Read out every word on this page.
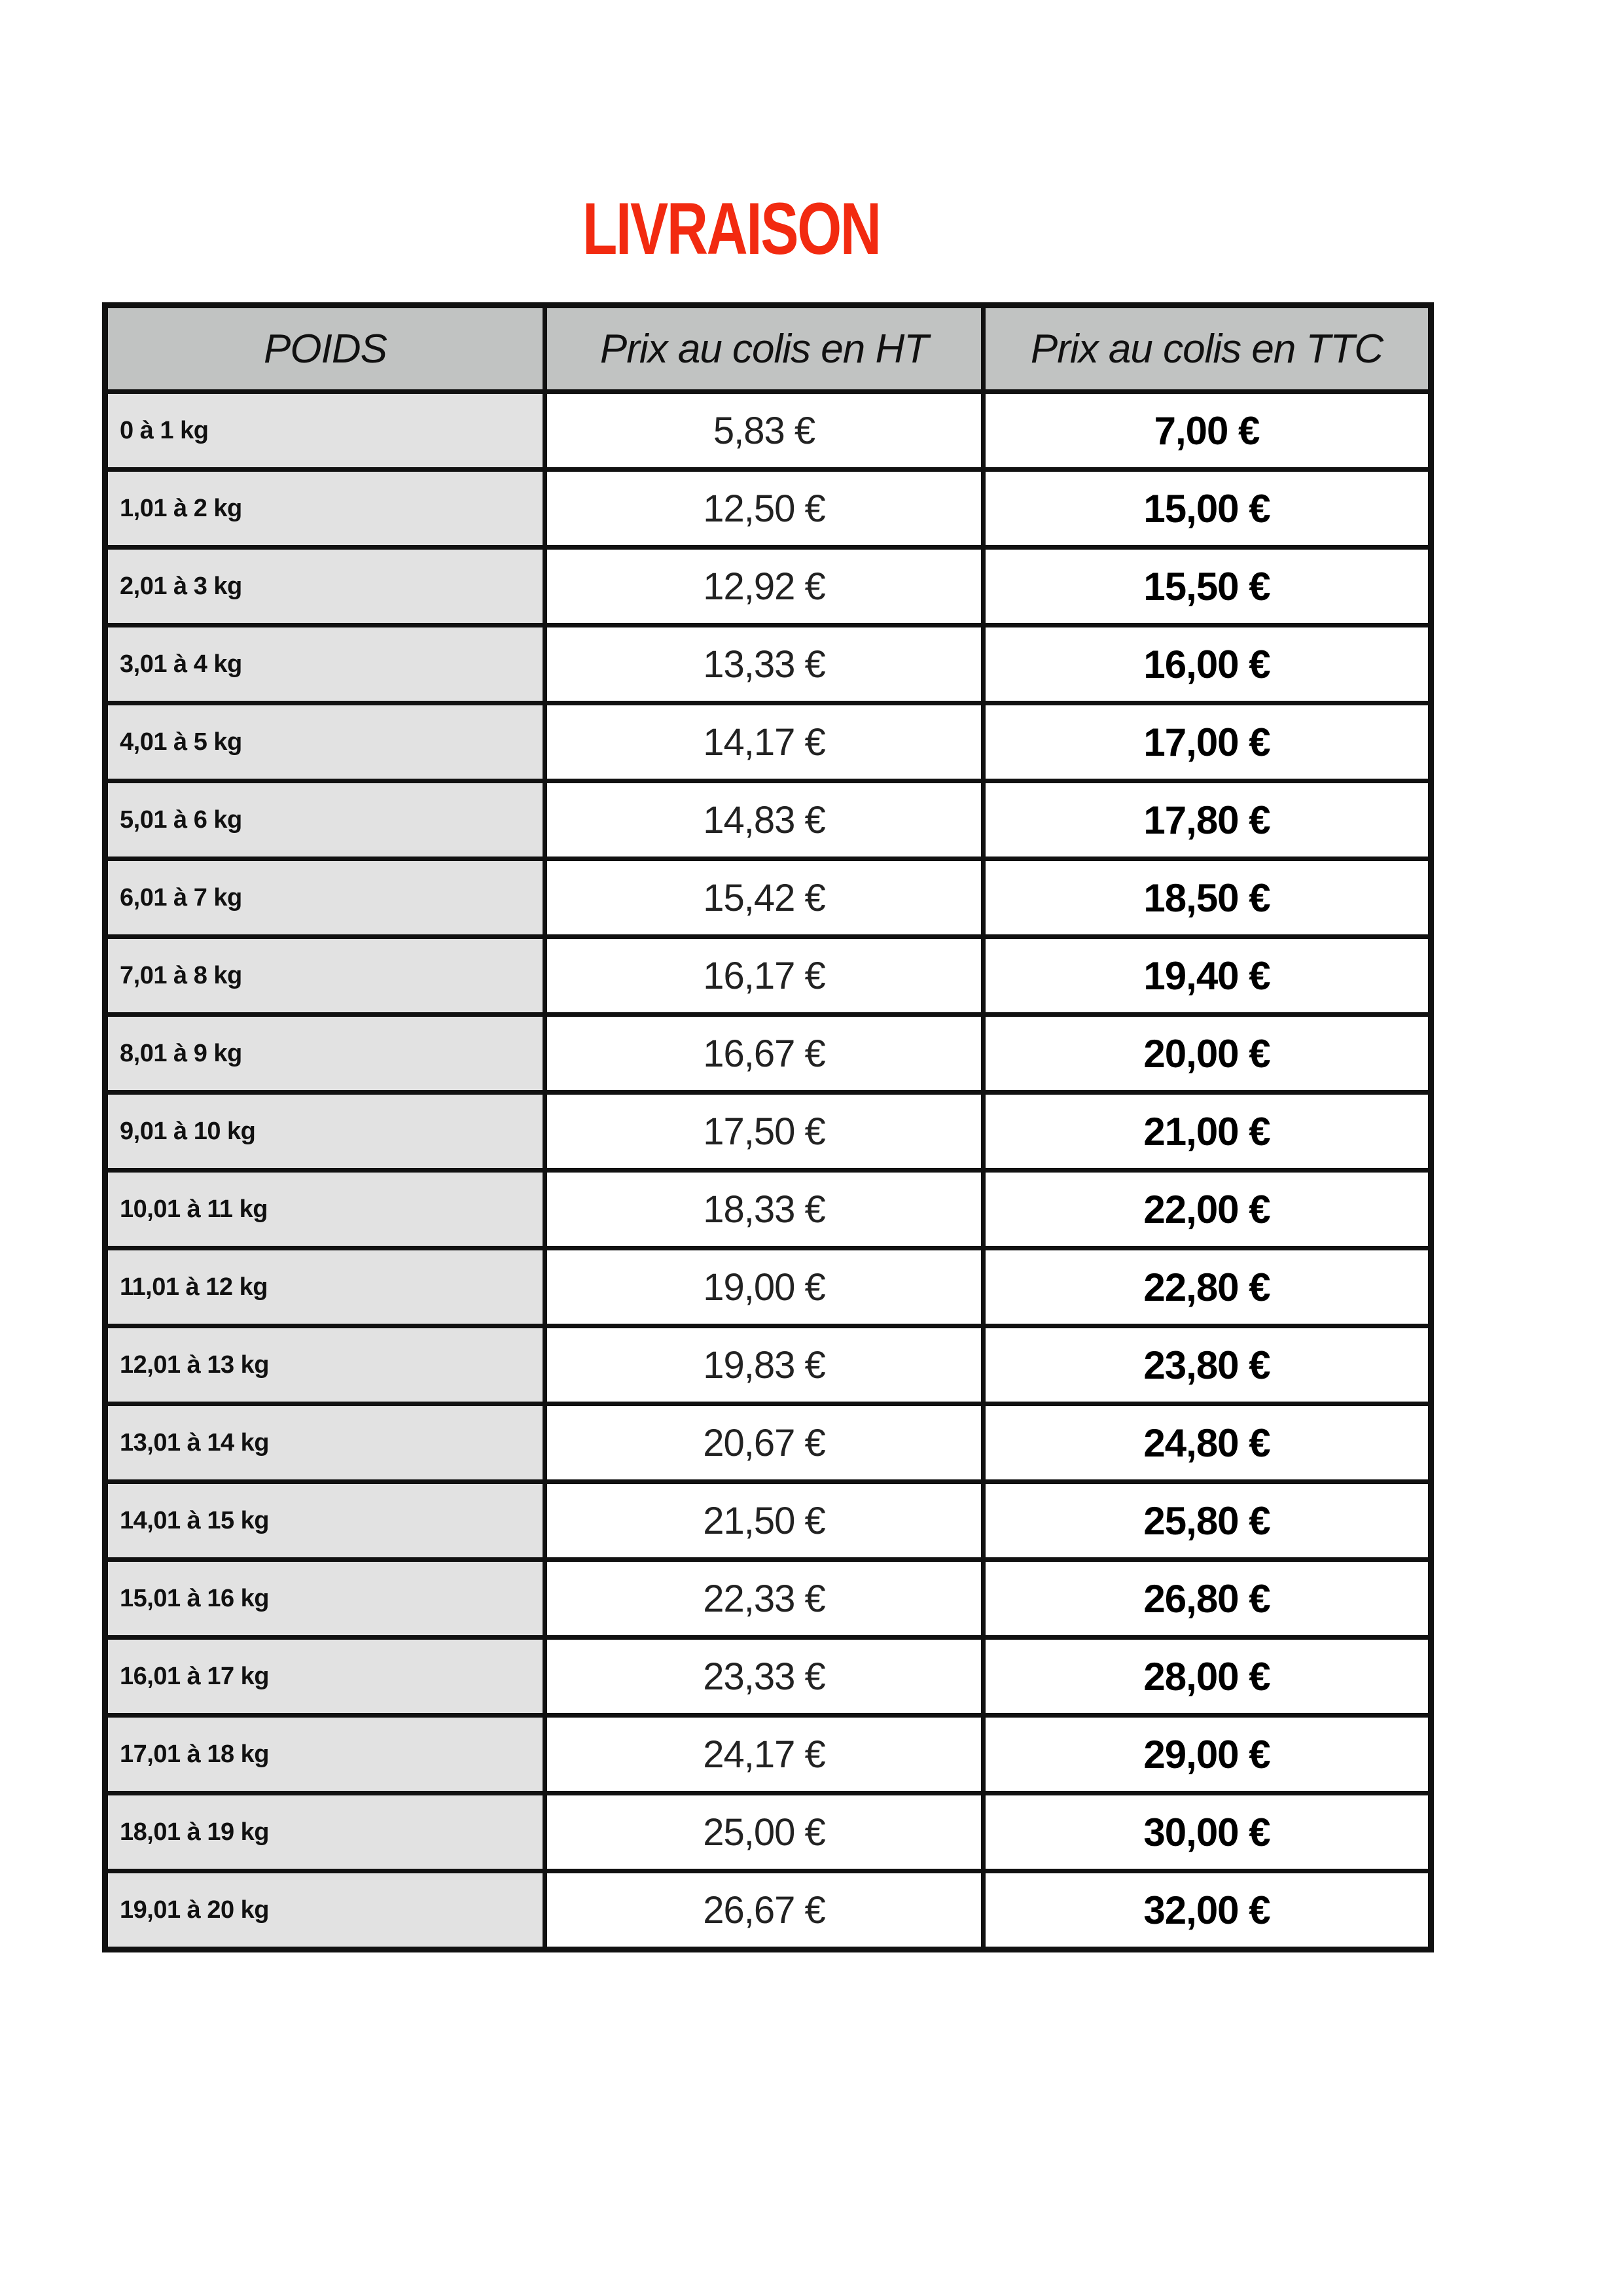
LIVRAISON
POIDS	Prix au colis en HT	Prix au colis en TTC
0 à 1 kg	5,83 €	7,00 €
1,01 à 2 kg	12,50 €	15,00 €
2,01 à 3 kg	12,92 €	15,50 €
3,01 à 4 kg	13,33 €	16,00 €
4,01 à 5 kg	14,17 €	17,00 €
5,01 à 6 kg	14,83 €	17,80 €
6,01 à 7 kg	15,42 €	18,50 €
7,01 à 8 kg	16,17 €	19,40 €
8,01 à 9 kg	16,67 €	20,00 €
9,01 à 10 kg	17,50 €	21,00 €
10,01 à 11 kg	18,33 €	22,00 €
11,01 à 12 kg	19,00 €	22,80 €
12,01 à 13 kg	19,83 €	23,80 €
13,01 à 14 kg	20,67 €	24,80 €
14,01 à 15 kg	21,50 €	25,80 €
15,01 à 16 kg	22,33 €	26,80 €
16,01 à 17 kg	23,33 €	28,00 €
17,01 à 18 kg	24,17 €	29,00 €
18,01 à 19 kg	25,00 €	30,00 €
19,01 à 20 kg	26,67 €	32,00 €
